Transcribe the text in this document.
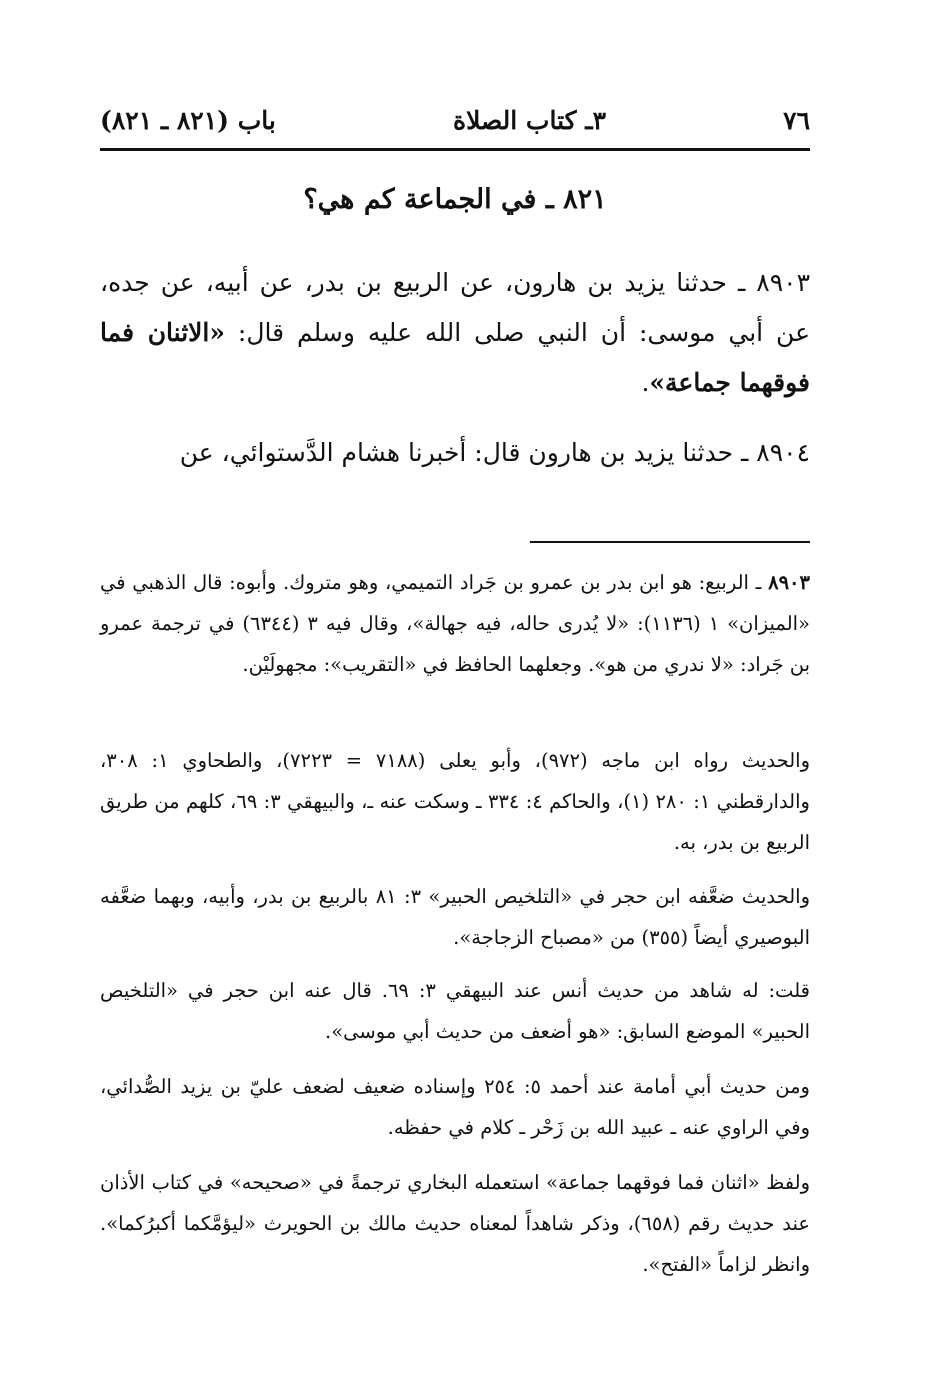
٧٦
٣ـ كتاب الصلاة
باب (٨٢١ ـ ٨٢١)
٨٢١ ـ في الجماعة كم هي؟
٨٩٠٣ ـ حدثنا يزيد بن هارون، عن الربيع بن بدر، عن أبيه، عن جده، عن أبي موسى: أن النبي صلى الله عليه وسلم قال: «الاثنان فما فوقهما جماعة».
٨٩٠٤ ـ حدثنا يزيد بن هارون قال: أخبرنا هشام الدَّستوائي، عن
٨٩٠٣ ـ الربيع: هو ابن بدر بن عمرو بن جَراد التميمي، وهو متروك. وأبوه: قال الذهبي في «الميزان» ١ (١١٣٦): «لا يُدرى حاله، فيه جهالة»، وقال فيه ٣ (٦٣٤٤) في ترجمة عمرو بن جَراد: «لا ندري من هو». وجعلهما الحافظ في «التقريب»: مجهولَيْن.
والحديث رواه ابن ماجه (٩٧٢)، وأبو يعلى (٧١٨٨ = ٧٢٢٣)، والطحاوي ١: ٣٠٨، والدارقطني ١: ٢٨٠ (١)، والحاكم ٤: ٣٣٤ ـ وسكت عنه ـ، والبيهقي ٣: ٦٩، كلهم من طريق الربيع بن بدر، به.
والحديث ضعَّفه ابن حجر في «التلخيص الحبير» ٣: ٨١ بالربيع بن بدر، وأبيه، وبهما ضعَّفه البوصيري أيضاً (٣٥٥) من «مصباح الزجاجة».
قلت: له شاهد من حديث أنس عند البيهقي ٣: ٦٩. قال عنه ابن حجر في «التلخيص الحبير» الموضع السابق: «هو أضعف من حديث أبي موسى».
ومن حديث أبي أمامة عند أحمد ٥: ٢٥٤ وإسناده ضعيف لضعف عليّ بن يزيد الصُّدائي، وفي الراوي عنه ـ عبيد الله بن زَحْر ـ كلام في حفظه.
ولفظ «اثنان فما فوقهما جماعة» استعمله البخاري ترجمةً في «صحيحه» في كتاب الأذان عند حديث رقم (٦٥٨)، وذكر شاهداً لمعناه حديث مالك بن الحويرث «ليؤمَّكما أكبرُكما». وانظر لزاماً «الفتح».
